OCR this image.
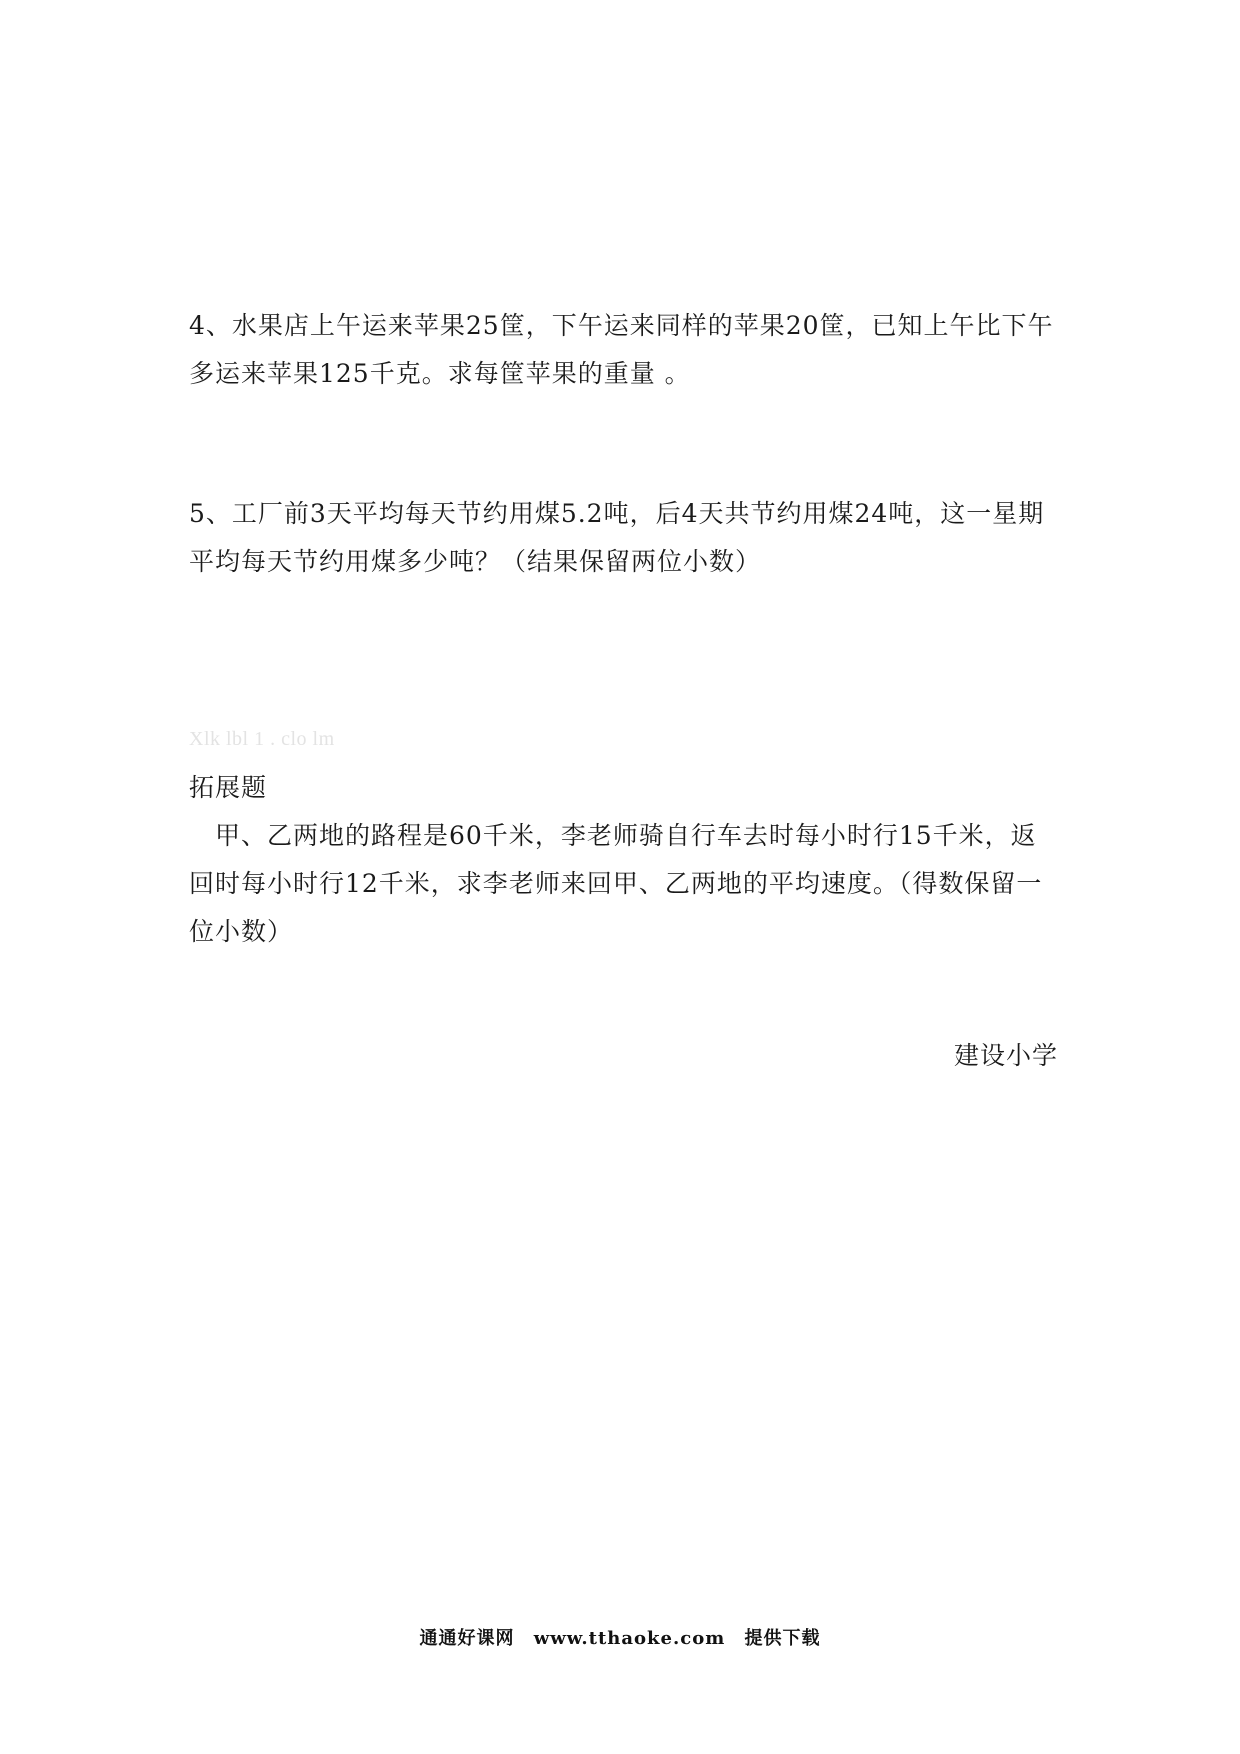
4、水果店上午运来苹果25筐，下午运来同样的苹果20筐，已知上午比下午多运来苹果125千克。求每筐苹果的重量 。

5、工厂前3天平均每天节约用煤5.2吨，后4天共节约用煤24吨，这一星期平均每天节约用煤多少吨？（结果保留两位小数）

Xlk lbl 1 . clo lm
拓展题

　甲、乙两地的路程是60千米，李老师骑自行车去时每小时行15千米，返回时每小时行12千米，求李老师来回甲、乙两地的平均速度。（得数保留一位小数）

建设小学
通通好课网 www.tthaoke.com 提供下载
